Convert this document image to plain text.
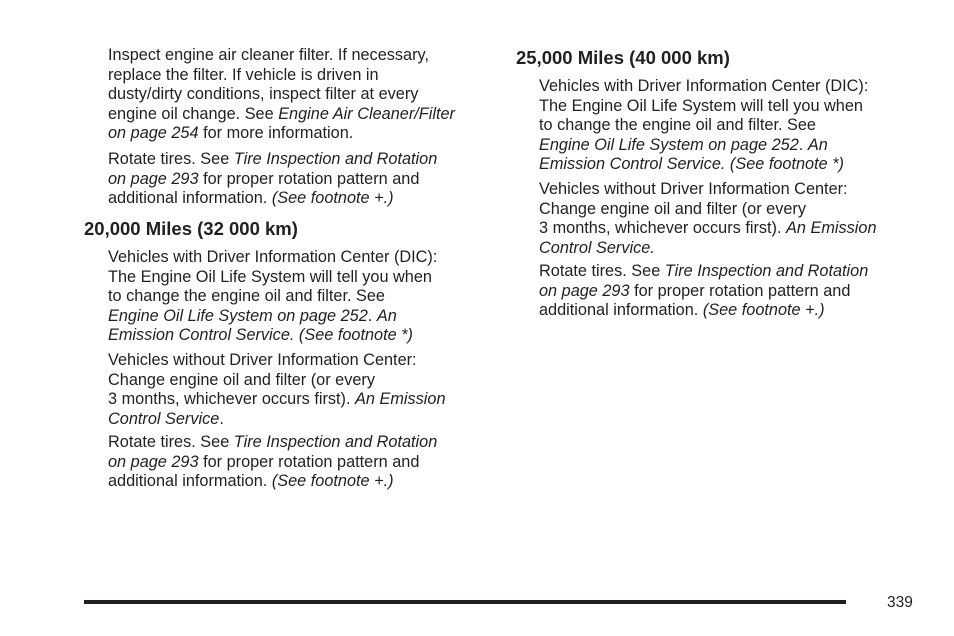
Inspect engine air cleaner filter. If necessary,
replace the filter. If vehicle is driven in
dusty/dirty conditions, inspect filter at every
engine oil change. See Engine Air Cleaner/Filter
on page 254 for more information.

Rotate tires. See Tire Inspection and Rotation
on page 293 for proper rotation pattern and
additional information. (See footnote +.)

20,000 Miles (32 000 km)

Vehicles with Driver Information Center (DIC):
The Engine Oil Life System will tell you when
to change the engine oil and filter. See
Engine Oil Life System on page 252. An
Emission Control Service. (See footnote *)

Vehicles without Driver Information Center:
Change engine oil and filter (or every
3 months, whichever occurs first). An Emission
Control Service.

Rotate tires. See Tire Inspection and Rotation
on page 293 for proper rotation pattern and
additional information. (See footnote +.)

25,000 Miles (40 000 km)

Vehicles with Driver Information Center (DIC):
The Engine Oil Life System will tell you when
to change the engine oil and filter. See
Engine Oil Life System on page 252. An
Emission Control Service. (See footnote *)

Vehicles without Driver Information Center:
Change engine oil and filter (or every
3 months, whichever occurs first). An Emission
Control Service.

Rotate tires. See Tire Inspection and Rotation
on page 293 for proper rotation pattern and
additional information. (See footnote +.)

339
